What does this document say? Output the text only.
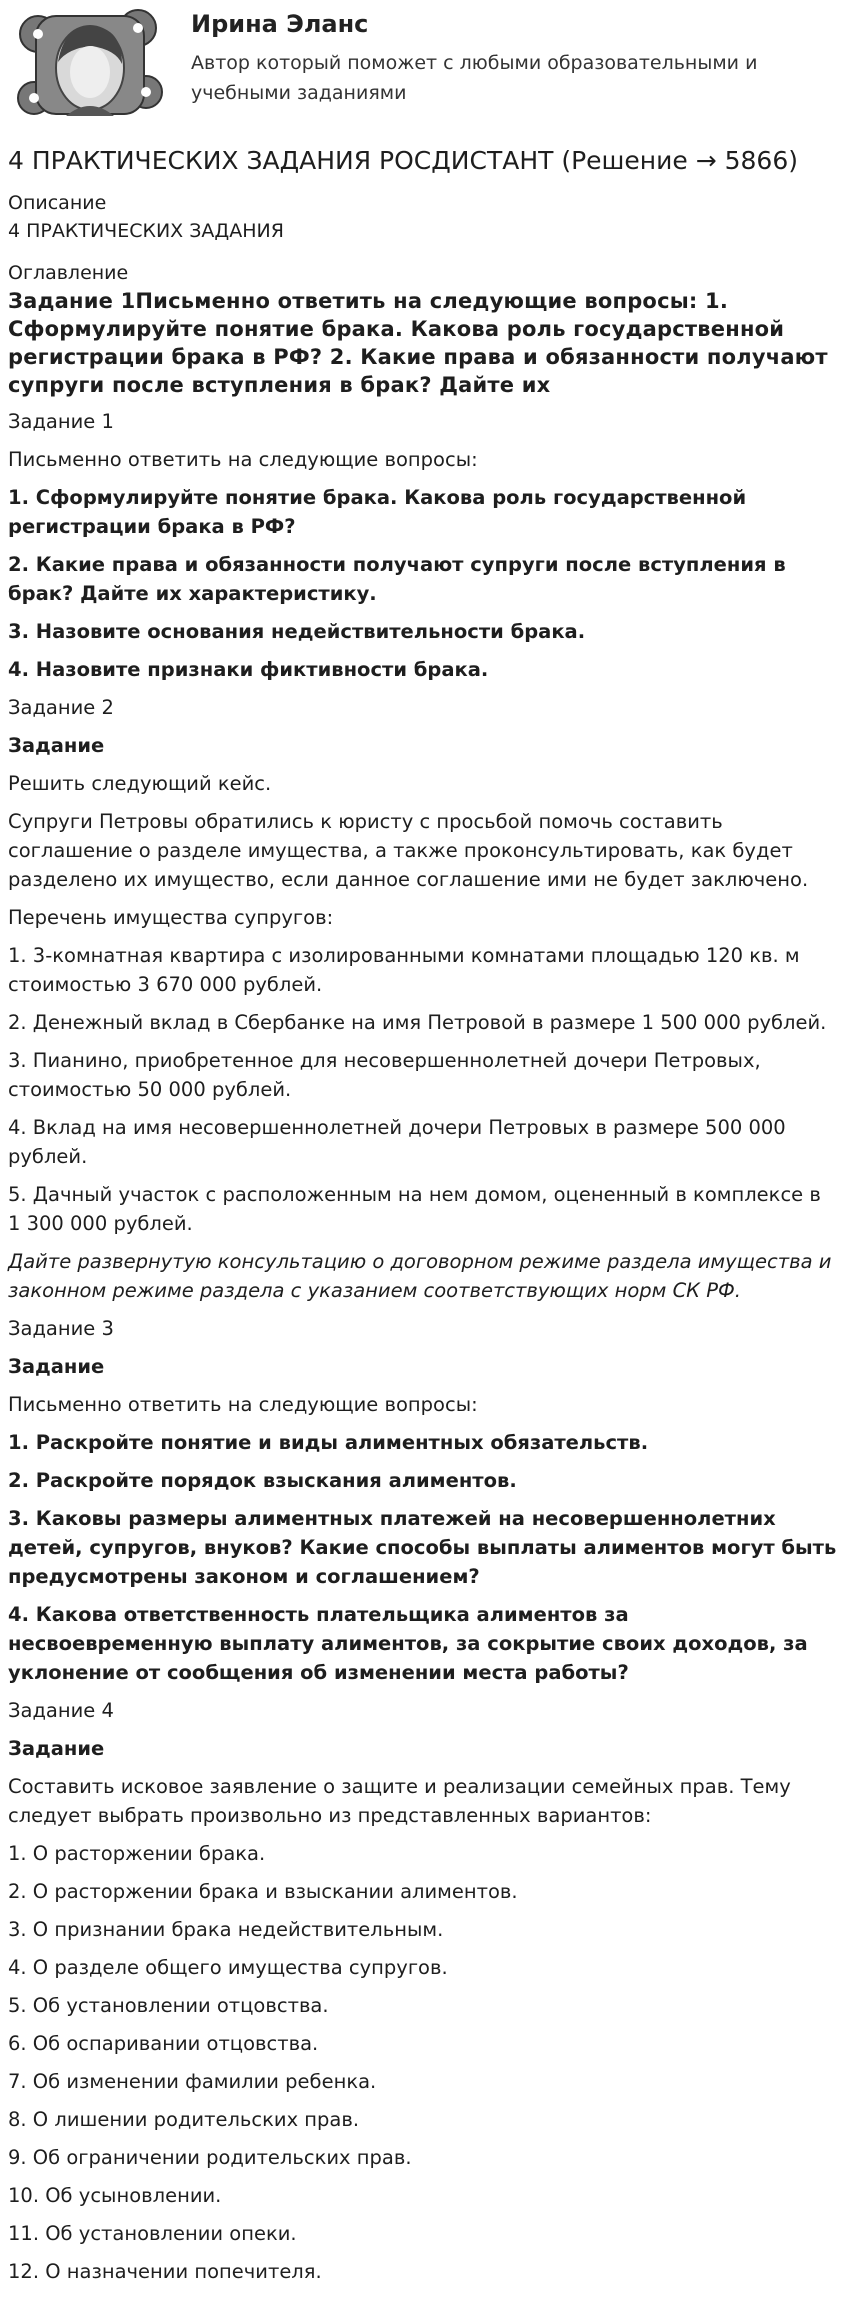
Ирина Эланс
Автор который поможет с любыми образовательными и учебными заданиями
4 ПРАКТИЧЕСКИХ ЗАДАНИЯ РОСДИСТАНТ (Решение → 5866)

Описание

4 ПРАКТИЧЕСКИХ ЗАДАНИЯ

Оглавление

Задание 1Письменно ответить на следующие вопросы: 1. Сформулируйте понятие брака. Какова роль государственной регистрации брака в РФ? 2. Какие права и обязанности получают супруги после вступления в брак? Дайте их

Задание 1

Письменно ответить на следующие вопросы:

1. Сформулируйте понятие брака. Какова роль государственной регистрации брака в РФ?

2. Какие права и обязанности получают супруги после вступления в брак? Дайте их характеристику.

3. Назовите основания недействительности брака.

4. Назовите признаки фиктивности брака.

Задание 2

Задание

Решить следующий кейс.

Супруги Петровы обратились к юристу с просьбой помочь составить соглашение о разделе имущества, а также проконсультировать, как будет разделено их имущество, если данное соглашение ими не будет заключено.

Перечень имущества супругов:

1. 3-комнатная квартира с изолированными комнатами площадью 120 кв. м стоимостью 3 670 000 рублей.

2. Денежный вклад в Сбербанке на имя Петровой в размере 1 500 000 рублей.

3. Пианино, приобретенное для несовершеннолетней дочери Петровых, стоимостью 50 000 рублей.

4. Вклад на имя несовершеннолетней дочери Петровых в размере 500 000 рублей.

5. Дачный участок с расположенным на нем домом, оцененный в комплексе в 1 300 000 рублей.

Дайте развернутую консультацию о договорном режиме раздела имущества и законном режиме раздела с указанием соответствующих норм СК РФ.

Задание 3

Задание

Письменно ответить на следующие вопросы:

1. Раскройте понятие и виды алиментных обязательств.

2. Раскройте порядок взыскания алиментов.

3. Каковы размеры алиментных платежей на несовершеннолетних детей, супругов, внуков? Какие способы выплаты алиментов могут быть предусмотрены законом и соглашением?

4. Какова ответственность плательщика алиментов за несвоевременную выплату алиментов, за сокрытие своих доходов, за уклонение от сообщения об изменении места работы?

Задание 4

Задание

Составить исковое заявление о защите и реализации семейных прав. Тему следует выбрать произвольно из представленных вариантов:

1. О расторжении брака.

2. О расторжении брака и взыскании алиментов.

3. О признании брака недействительным.

4. О разделе общего имущества супругов.

5. Об установлении отцовства.

6. Об оспаривании отцовства.

7. Об изменении фамилии ребенка.

8. О лишении родительских прав.

9. Об ограничении родительских прав.

10. Об усыновлении.

11. Об установлении опеки.

12. О назначении попечителя.
